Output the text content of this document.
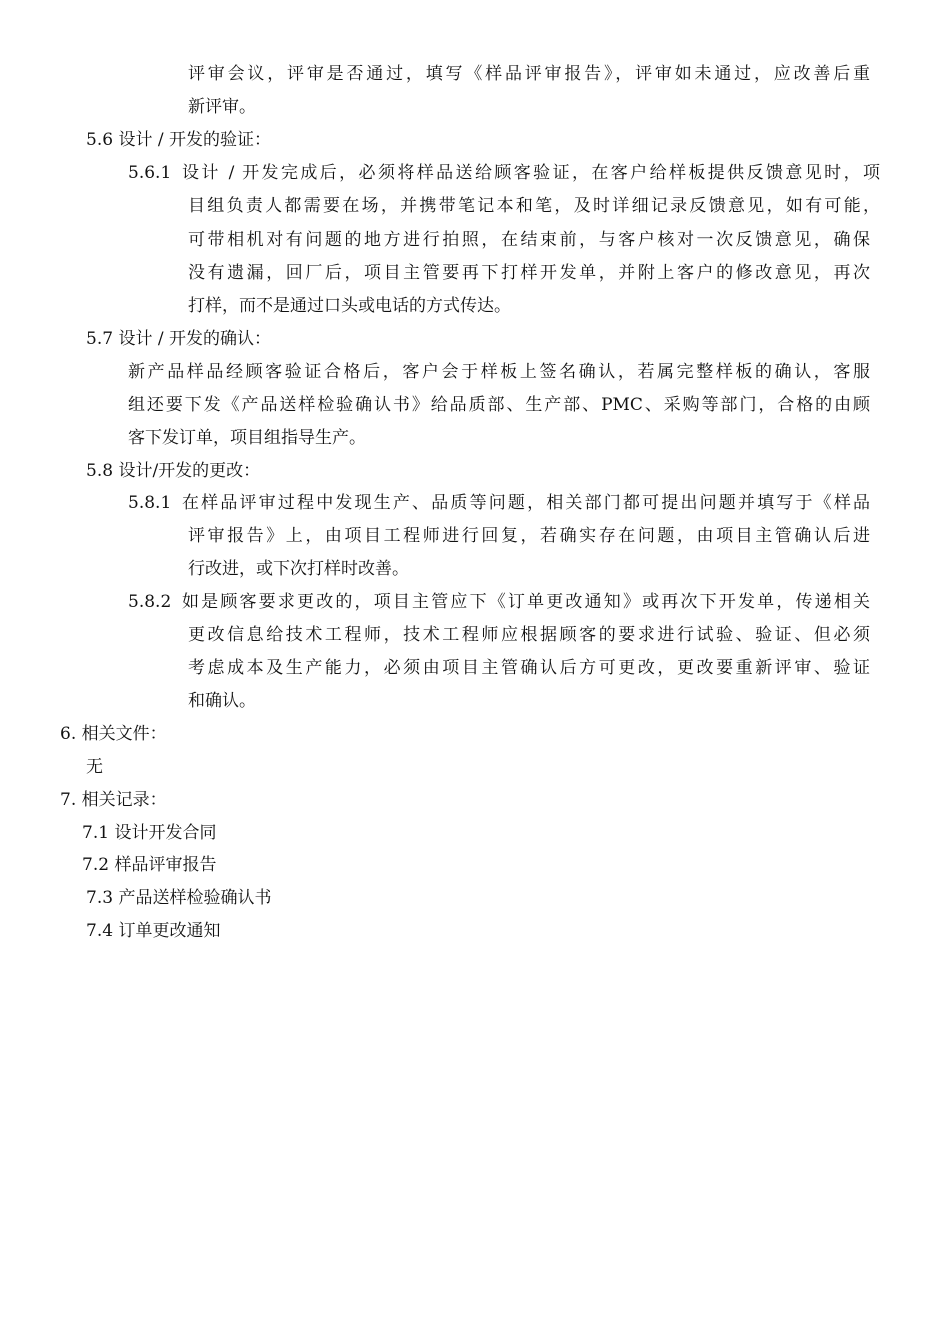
评审会议，评审是否通过，填写《样品评审报告》，评审如未通过，应改善后重
新评审。
5.6 设计 / 开发的验证：
5.6.1 设计 / 开发完成后，必须将样品送给顾客验证，在客户给样板提供反馈意见时，项
目组负责人都需要在场，并携带笔记本和笔，及时详细记录反馈意见，如有可能，
可带相机对有问题的地方进行拍照，在结束前，与客户核对一次反馈意见，确保
没有遗漏，回厂后，项目主管要再下打样开发单，并附上客户的修改意见，再次
打样，而不是通过口头或电话的方式传达。
5.7 设计 / 开发的确认：
新产品样品经顾客验证合格后，客户会于样板上签名确认，若属完整样板的确认，客服
组还要下发《产品送样检验确认书》给品质部、生产部、PMC、采购等部门，合格的由顾
客下发订单，项目组指导生产。
5.8 设计/开发的更改：
5.8.1 在样品评审过程中发现生产、品质等问题，相关部门都可提出问题并填写于《样品
评审报告》上，由项目工程师进行回复，若确实存在问题，由项目主管确认后进
行改进，或下次打样时改善。
5.8.2 如是顾客要求更改的，项目主管应下《订单更改通知》或再次下开发单，传递相关
更改信息给技术工程师，技术工程师应根据顾客的要求进行试验、验证、但必须
考虑成本及生产能力，必须由项目主管确认后方可更改，更改要重新评审、验证
和确认。
6. 相关文件：
无
7. 相关记录：
7.1 设计开发合同
7.2 样品评审报告
7.3 产品送样检验确认书
7.4 订单更改通知
